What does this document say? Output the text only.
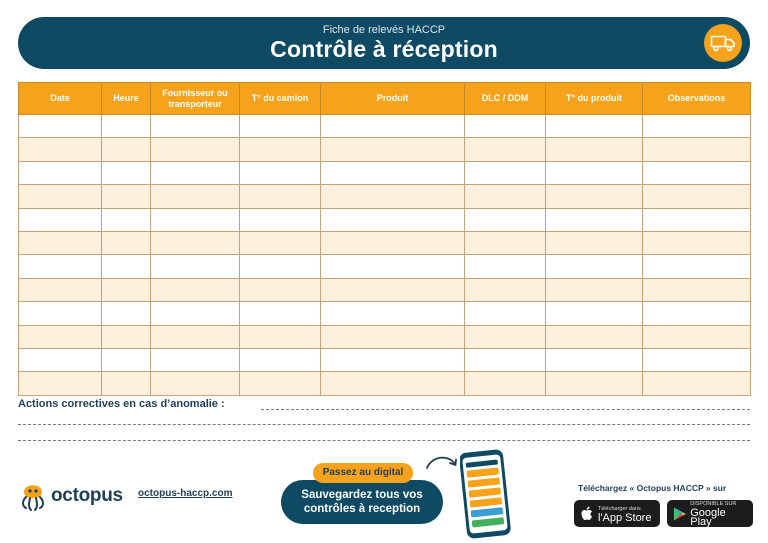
Fiche de relevés HACCP
Contrôle à réception
Date	Heure	Fournisseur ou transporteur	T° du camion	Produit	DLC / DDM	T° du produit	Observations

Actions correctives en cas d’anomalie :
octopus octopus-haccp.com	Sauvegardez tous vos
contrôles à reception
Passez au digital
Téléchargez « Octopus HACCP » sur
Télécharger dans
l'App Store
DISPONIBLE SUR
Google Play
